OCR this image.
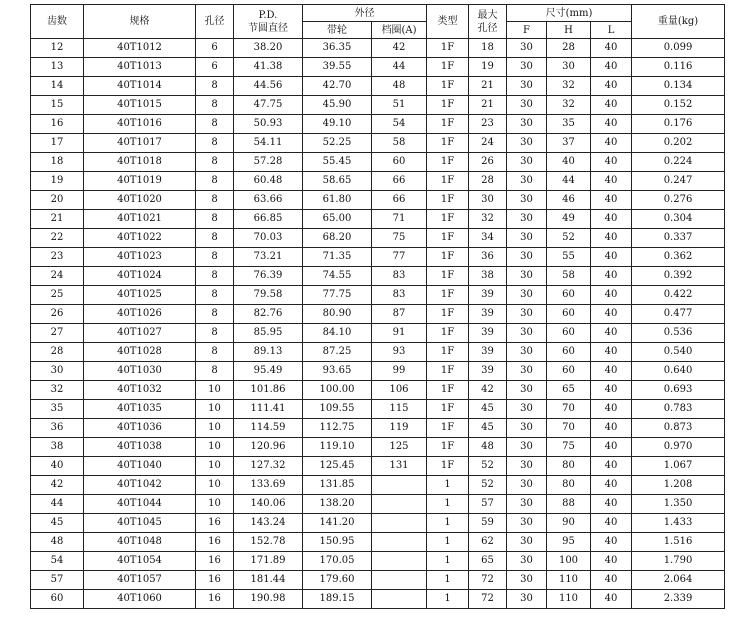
齿数	规格	孔径	P.D.
节圆直径	外径		类型	最大
孔径	尺寸(mm)			重量(kg)
				带轮	档圈(A)			F	H	L	
12	40T1012	6	38.20	36.35	42	1F	18	30	28	40	0.099
13	40T1013	6	41.38	39.55	44	1F	19	30	30	40	0.116
14	40T1014	8	44.56	42.70	48	1F	21	30	32	40	0.134
15	40T1015	8	47.75	45.90	51	1F	21	30	32	40	0.152
16	40T1016	8	50.93	49.10	54	1F	23	30	35	40	0.176
17	40T1017	8	54.11	52.25	58	1F	24	30	37	40	0.202
18	40T1018	8	57.28	55.45	60	1F	26	30	40	40	0.224
19	40T1019	8	60.48	58.65	66	1F	28	30	44	40	0.247
20	40T1020	8	63.66	61.80	66	1F	30	30	46	40	0.276
21	40T1021	8	66.85	65.00	71	1F	32	30	49	40	0.304
22	40T1022	8	70.03	68.20	75	1F	34	30	52	40	0.337
23	40T1023	8	73.21	71.35	77	1F	36	30	55	40	0.362
24	40T1024	8	76.39	74.55	83	1F	38	30	58	40	0.392
25	40T1025	8	79.58	77.75	83	1F	39	30	60	40	0.422
26	40T1026	8	82.76	80.90	87	1F	39	30	60	40	0.477
27	40T1027	8	85.95	84.10	91	1F	39	30	60	40	0.536
28	40T1028	8	89.13	87.25	93	1F	39	30	60	40	0.540
30	40T1030	8	95.49	93.65	99	1F	39	30	60	40	0.640
32	40T1032	10	101.86	100.00	106	1F	42	30	65	40	0.693
35	40T1035	10	111.41	109.55	115	1F	45	30	70	40	0.783
36	40T1036	10	114.59	112.75	119	1F	45	30	70	40	0.873
38	40T1038	10	120.96	119.10	125	1F	48	30	75	40	0.970
40	40T1040	10	127.32	125.45	131	1F	52	30	80	40	1.067
42	40T1042	10	133.69	131.85		1	52	30	80	40	1.208
44	40T1044	10	140.06	138.20		1	57	30	88	40	1.350
45	40T1045	16	143.24	141.20		1	59	30	90	40	1.433
48	40T1048	16	152.78	150.95		1	62	30	95	40	1.516
54	40T1054	16	171.89	170.05		1	65	30	100	40	1.790
57	40T1057	16	181.44	179.60		1	72	30	110	40	2.064
60	40T1060	16	190.98	189.15		1	72	30	110	40	2.339
